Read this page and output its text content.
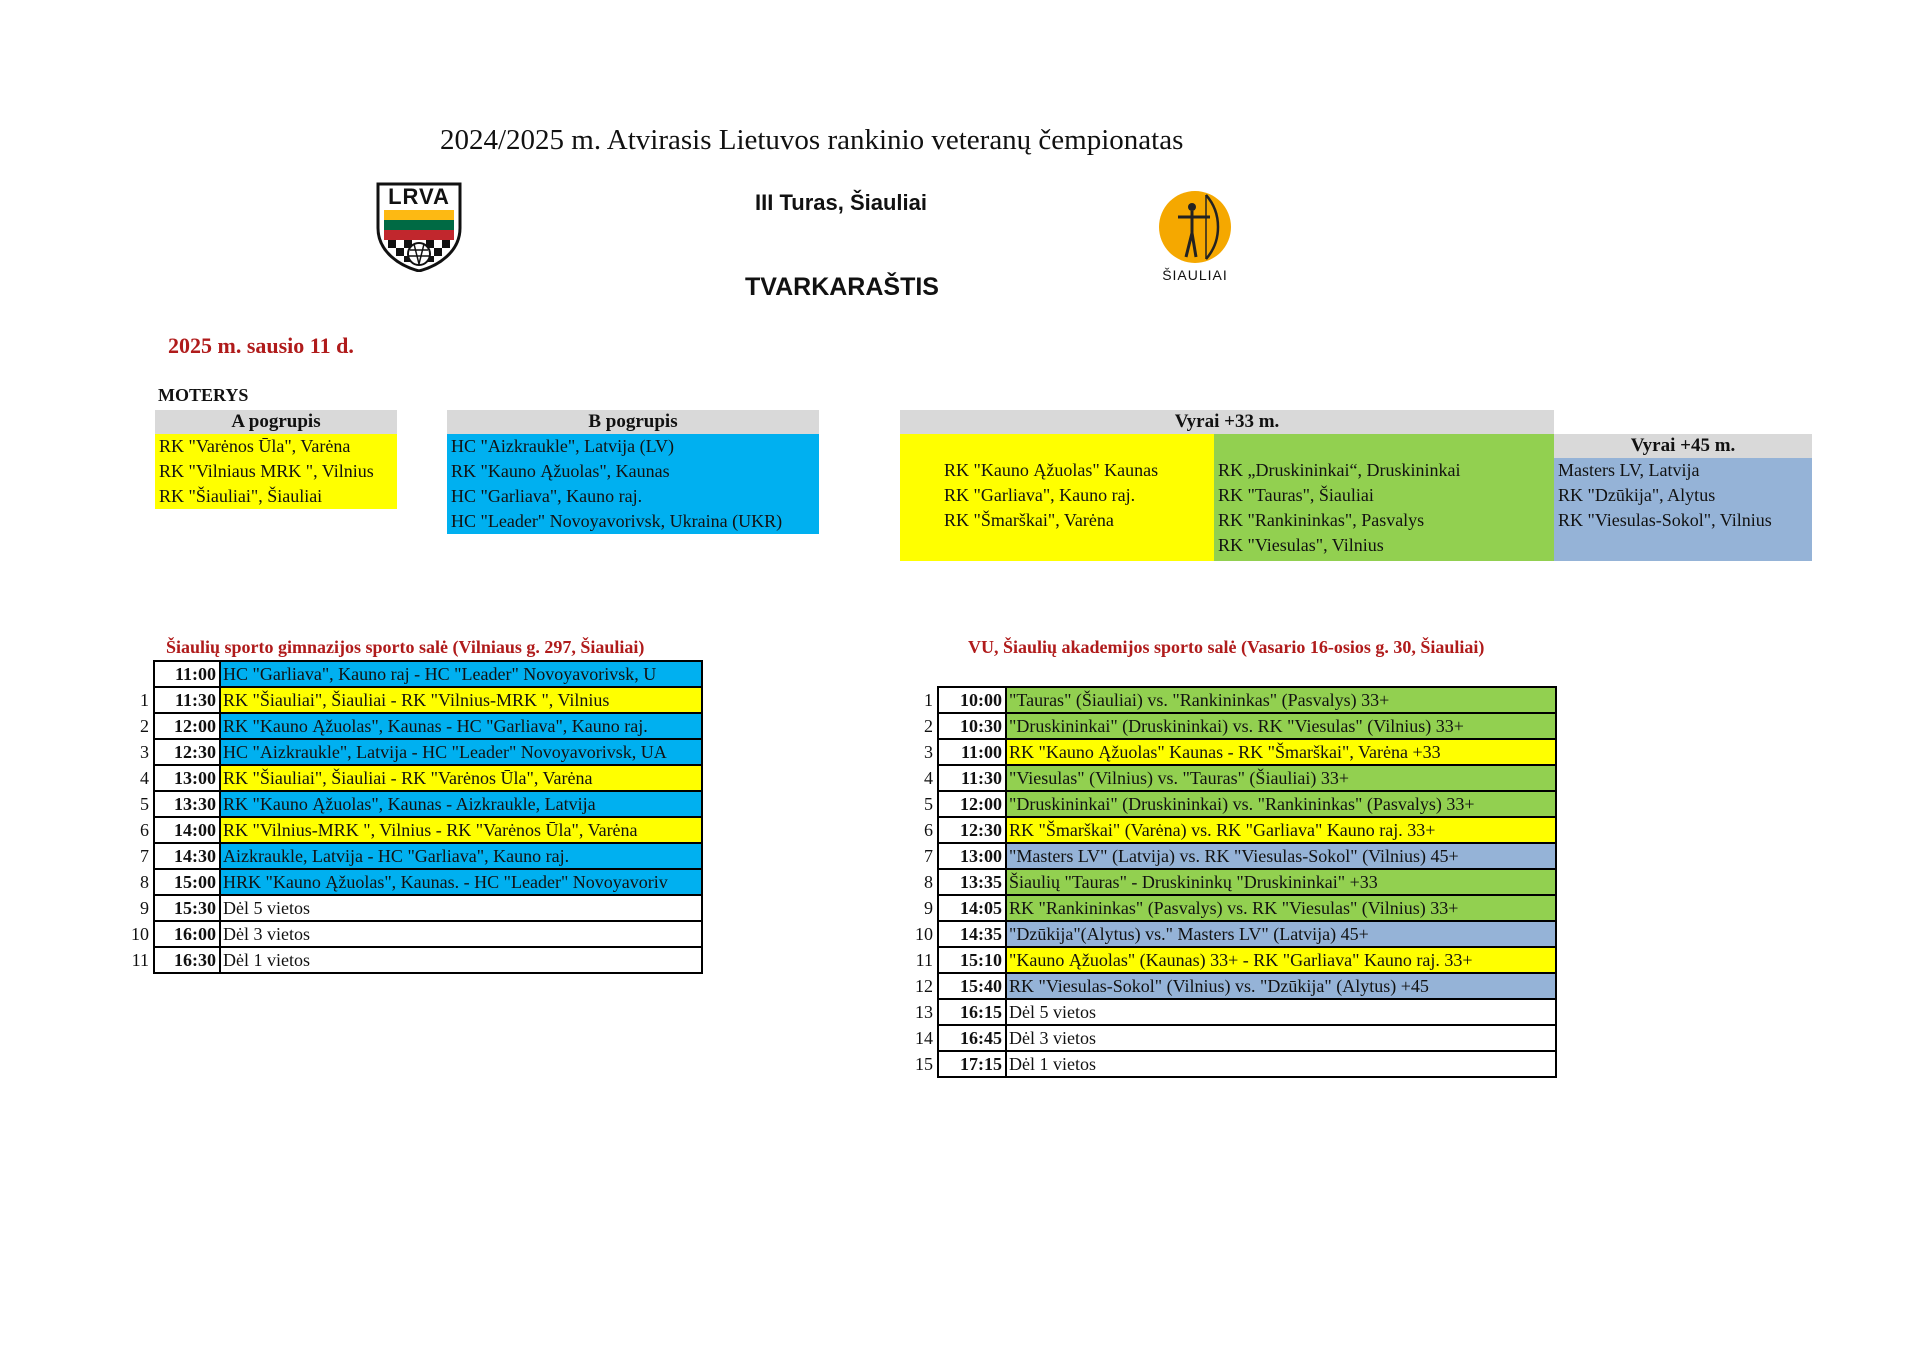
2024/2025 m. Atvirasis Lietuvos rankinio veteranų čempionatas
LRVA	III Turas, Šiauliai
TVARKARAŠTIS	ŠIAULIAI
2025 m. sausio 11 d.
MOTERYS
A pogrupis
RK "Varėnos Ūla", Varėna
RK "Vilniaus MRK ", Vilnius
RK "Šiauliai", Šiauliai
B pogrupis
HC "Aizkraukle", Latvija (LV)
RK "Kauno Ąžuolas", Kaunas
HC "Garliava", Kauno raj.
HC "Leader" Novoyavorivsk, Ukraina (UKR)
Vyrai +33 m.
RK "Kauno Ąžuolas" Kaunas
RK "Garliava", Kauno raj.
RK "Šmarškai", Varėna
RK „Druskininkai“, Druskininkai
RK "Tauras", Šiauliai
RK "Rankininkas", Pasvalys
RK "Viesulas", Vilnius
Vyrai +45 m.
Masters LV, Latvija
RK "Dzūkija", Alytus
RK "Viesulas-Sokol", Vilnius
Šiaulių sporto gimnazijos sporto salė (Vilniaus g. 297, Šiauliai)	VU, Šiaulių akademijos sporto salė (Vasario 16-osios g. 30, Šiauliai)
	11:00	HC "Garliava", Kauno raj - HC "Leader" Novoyavorivsk, U

1	11:30	RK "Šiauliai", Šiauliai - RK "Vilnius-MRK ", Vilnius

2	12:00	RK "Kauno Ąžuolas", Kaunas - HC "Garliava", Kauno raj.

3	12:30	HC "Aizkraukle", Latvija - HC "Leader" Novoyavorivsk, UA

4	13:00	RK "Šiauliai", Šiauliai - RK "Varėnos Ūla", Varėna

5	13:30	RK "Kauno Ąžuolas", Kaunas - Aizkraukle, Latvija

6	14:00	RK "Vilnius-MRK ", Vilnius - RK "Varėnos Ūla", Varėna

7	14:30	Aizkraukle, Latvija - HC "Garliava", Kauno raj.

8	15:00	HRK "Kauno Ąžuolas", Kaunas. - HC "Leader" Novoyavoriv

9	15:30	Dėl 5 vietos

10	16:00	Dėl 3 vietos

11	16:30	Dėl 1 vietos
1	10:00	"Tauras" (Šiauliai) vs. "Rankininkas" (Pasvalys) 33+

2	10:30	"Druskininkai" (Druskininkai) vs. RK "Viesulas" (Vilnius) 33+

3	11:00	RK "Kauno Ąžuolas" Kaunas - RK "Šmarškai", Varėna +33

4	11:30	"Viesulas" (Vilnius) vs. "Tauras" (Šiauliai) 33+

5	12:00	"Druskininkai" (Druskininkai) vs. "Rankininkas" (Pasvalys) 33+

6	12:30	RK "Šmarškai" (Varėna) vs. RK "Garliava" Kauno raj. 33+

7	13:00	"Masters LV" (Latvija) vs. RK "Viesulas-Sokol" (Vilnius) 45+

8	13:35	Šiaulių "Tauras" - Druskininkų "Druskininkai" +33

9	14:05	RK "Rankininkas" (Pasvalys) vs. RK "Viesulas" (Vilnius) 33+

10	14:35	"Dzūkija"(Alytus) vs." Masters LV" (Latvija) 45+

11	15:10	"Kauno Ąžuolas" (Kaunas) 33+ - RK "Garliava" Kauno raj. 33+

12	15:40	RK "Viesulas-Sokol" (Vilnius) vs. "Dzūkija" (Alytus) +45

13	16:15	Dėl 5 vietos

14	16:45	Dėl 3 vietos

15	17:15	Dėl 1 vietos
